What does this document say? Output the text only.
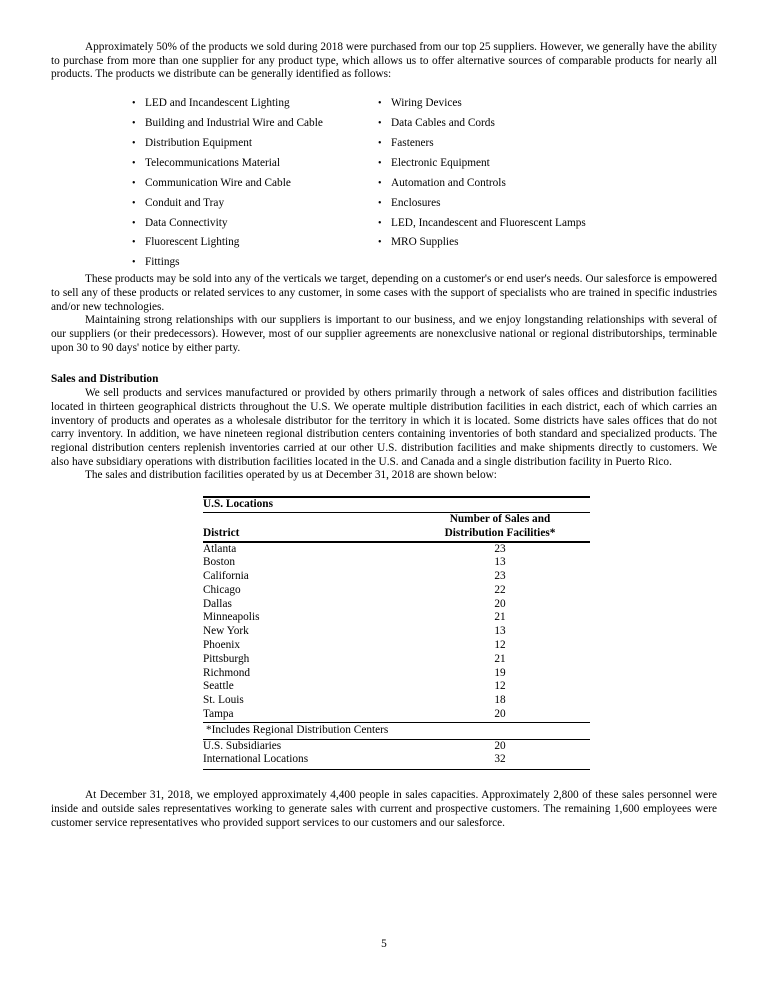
Approximately 50% of the products we sold during 2018 were purchased from our top 25 suppliers. However, we generally have the ability to purchase from more than one supplier for any product type, which allows us to offer alternative sources of comparable products for nearly all products. The products we distribute can be generally identified as follows:

• LED and Incandescent Lighting
• Building and Industrial Wire and Cable
• Distribution Equipment
• Telecommunications Material
• Communication Wire and Cable
• Conduit and Tray
• Data Connectivity
• Fluorescent Lighting
• Fittings
• Wiring Devices
• Data Cables and Cords
• Fasteners
• Electronic Equipment
• Automation and Controls
• Enclosures
• LED, Incandescent and Fluorescent Lamps
• MRO Supplies

These products may be sold into any of the verticals we target, depending on a customer's or end user's needs. Our salesforce is empowered to sell any of these products or related services to any customer, in some cases with the support of specialists who are trained in specific industries and/or new technologies.

Maintaining strong relationships with our suppliers is important to our business, and we enjoy longstanding relationships with several of our suppliers (or their predecessors). However, most of our supplier agreements are nonexclusive national or regional distributorships, terminable upon 30 to 90 days' notice by either party.

Sales and Distribution

We sell products and services manufactured or provided by others primarily through a network of sales offices and distribution facilities located in thirteen geographical districts throughout the U.S. We operate multiple distribution facilities in each district, each of which carries an inventory of products and operates as a wholesale distributor for the territory in which it is located. Some districts have sales offices that do not carry inventory. In addition, we have nineteen regional distribution centers containing inventories of both standard and specialized products. The regional distribution centers replenish inventories carried at our other U.S. distribution facilities and make shipments directly to customers. We also have subsidiary operations with distribution facilities located in the U.S. and Canada and a single distribution facility in Puerto Rico.

The sales and distribution facilities operated by us at December 31, 2018 are shown below:

U.S. Locations	
District	Number of Sales and
Distribution Facilities*

Atlanta	23
Boston	13
California	23
Chicago	22
Dallas	20
Minneapolis	21
New York	13
Phoenix	12
Pittsburgh	21
Richmond	19
Seattle	12
St. Louis	18
Tampa	20
*Includes Regional Distribution Centers	
U.S. Subsidiaries	20
International Locations	32

At December 31, 2018, we employed approximately 4,400 people in sales capacities. Approximately 2,800 of these sales personnel were inside and outside sales representatives working to generate sales with current and prospective customers. The remaining 1,600 employees were customer service representatives who provided support services to our customers and our salesforce.

5
